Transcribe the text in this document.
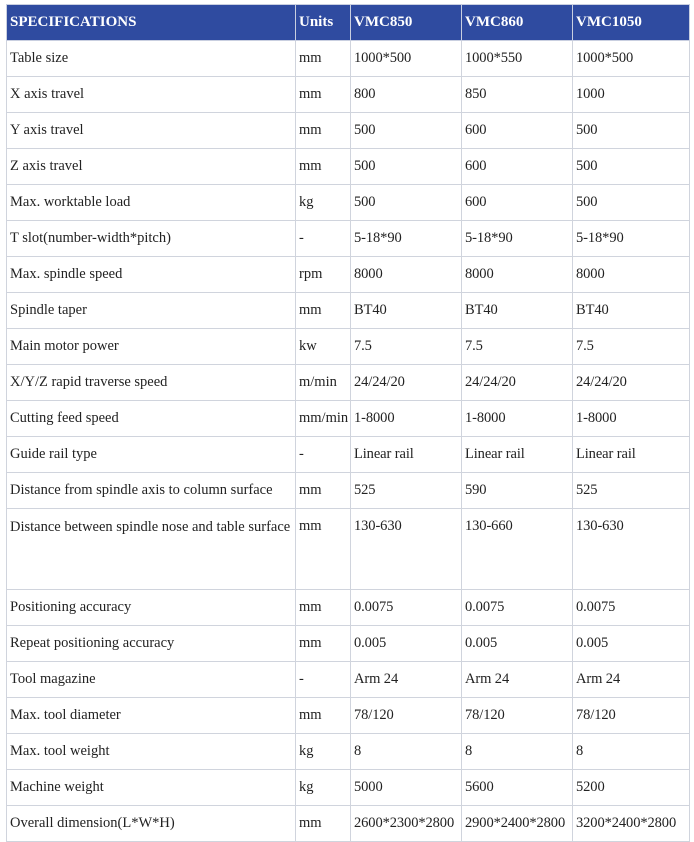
SPECIFICATIONS	Units	VMC850	VMC860	VMC1050
Table size	mm	1000*500	1000*550	1000*500
X axis travel	mm	800	850	1000
Y axis travel	mm	500	600	500
Z axis travel	mm	500	600	500
Max. worktable load	kg	500	600	500
T slot(number-width*pitch)	-	5-18*90	5-18*90	5-18*90
Max. spindle speed	rpm	8000	8000	8000
Spindle taper	mm	BT40	BT40	BT40
Main motor power	kw	7.5	7.5	7.5
X/Y/Z rapid traverse speed	m/min	24/24/20	24/24/20	24/24/20
Cutting feed speed	mm/min	1-8000	1-8000	1-8000
Guide rail type	-	Linear rail	Linear rail	Linear rail
Distance from spindle axis to column surface	mm	525	590	525
Distance between spindle nose and table surface	mm	130-630	130-660	130-630
Positioning accuracy	mm	0.0075	0.0075	0.0075
Repeat positioning accuracy	mm	0.005	0.005	0.005
Tool magazine	-	Arm 24	Arm 24	Arm 24
Max. tool diameter	mm	78/120	78/120	78/120
Max. tool weight	kg	8	8	8
Machine weight	kg	5000	5600	5200
Overall dimension(L*W*H)	mm	2600*2300*2800	2900*2400*2800	3200*2400*2800
